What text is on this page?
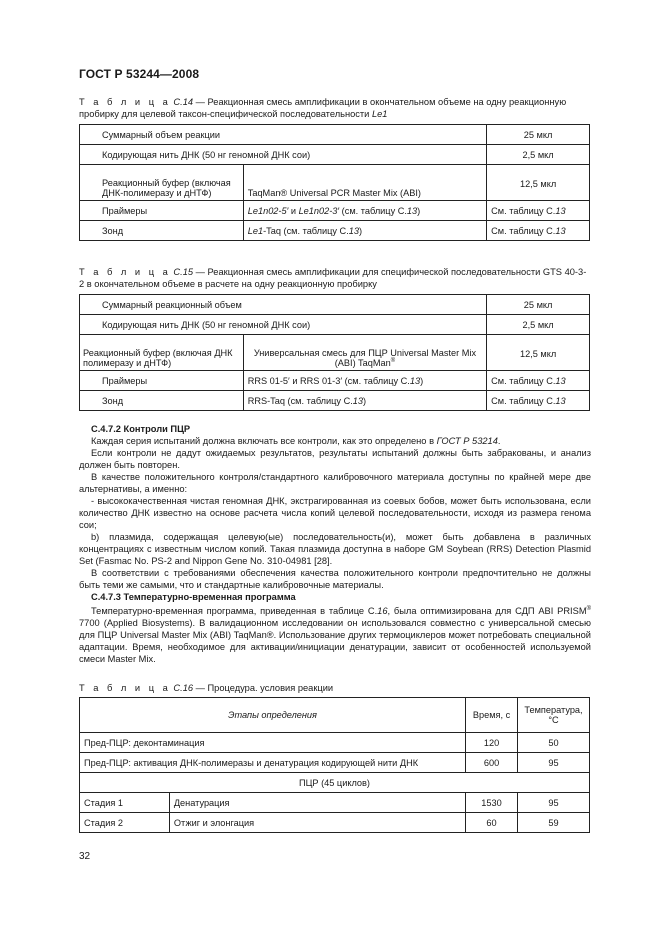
ГОСТ Р 53244—2008
Т а б л и ц а C.14 — Реакционная смесь амплификации в окончательном объеме на одну реакционную пробирку для целевой таксон-специфической последовательности Le1
Суммарный объем реакции		25 мкл
Кодирующая нить ДНК (50 нг геномной ДНК сои)		2,5 мкл
Реакционный буфер (включая ДНК-полимеразу и дНТФ)	TaqMan® Universal PCR Master Mix (ABI)	12,5 мкл
Праймеры	Le1n02-5′ и Le1n02-3′ (см. таблицу С.13)	См. таблицу С.13
Зонд	Le1-Taq (см. таблицу С.13)	См. таблицу С.13
Т а б л и ц а С.15 — Реакционная смесь амплификации для специфической последовательности GTS 40-3-2 в окончательном объеме в расчете на одну реакционную пробирку
Суммарный реакционный объем		25 мкл
Кодирующая нить ДНК (50 нг геномной ДНК сои)		2,5 мкл
Реакционный буфер (включая ДНК полимеразу и дНТФ)	Универсальная смесь для ПЦР Universal Master Mix (ABI) TaqMan®	12,5 мкл
Праймеры	RRS 01-5′ и RRS 01-3′ (см. таблицу С.13)	См. таблицу С.13
Зонд	RRS-Taq (см. таблицу С.13)	См. таблицу С.13

С.4.7.2 Контроли ПЦР

Каждая серия испытаний должна включать все контроли, как это определено в ГОСТ Р 53214.

Если контроли не дадут ожидаемых результатов, результаты испытаний должны быть забракованы, и анализ должен быть повторен.

В качестве положительного контроля/стандартного калибровочного материала доступны по крайней мере две альтернативы, а именно:

- высококачественная чистая геномная ДНК, экстрагированная из соевых бобов, может быть использована, если количество ДНК известно на основе расчета числа копий целевой последовательности, исходя из размера генома сои;

b) плазмида, содержащая целевую(ые) последовательность(и), может быть добавлена в различных концентрациях с известным числом копий. Такая плазмида доступна в наборе GM Soybean (RRS) Detection Plasmid Set (Fasmac No. PS-2 and Nippon Gene No. 310-04981 [28].

В соответствии с требованиями обеспечения качества положительного контроли предпочтительно не должны быть теми же самыми, что и стандартные калибровочные материалы.

С.4.7.3 Температурно-временная программа

Температурно-временная программа, приведенная в таблице С.16, была оптимизирована для СДП ABI PRISM® 7700 (Applied Biosystems). В валидационном исследовании он использовался совместно с универсальной смесью для ПЦР Universal Master Mix (ABI) TaqMan®. Использование других термоциклеров может потребовать специальной адаптации. Время, необходимое для активации/инициации денатурации, зависит от особенностей используемой смеси Master Mix.

Т а б л и ц а С.16 — Процедура. условия реакции
Этапы определения		Время, с	Температура, °С
Пред-ПЦР: деконтаминация		120	50
Пред-ПЦР: активация ДНК-полимеразы и денатурация кодирующей нити ДНК		600	95
ПЦР (45 циклов)			
Стадия 1	Денатурация	1530	95
Стадия 2	Отжиг и элонгация	60	59
32
